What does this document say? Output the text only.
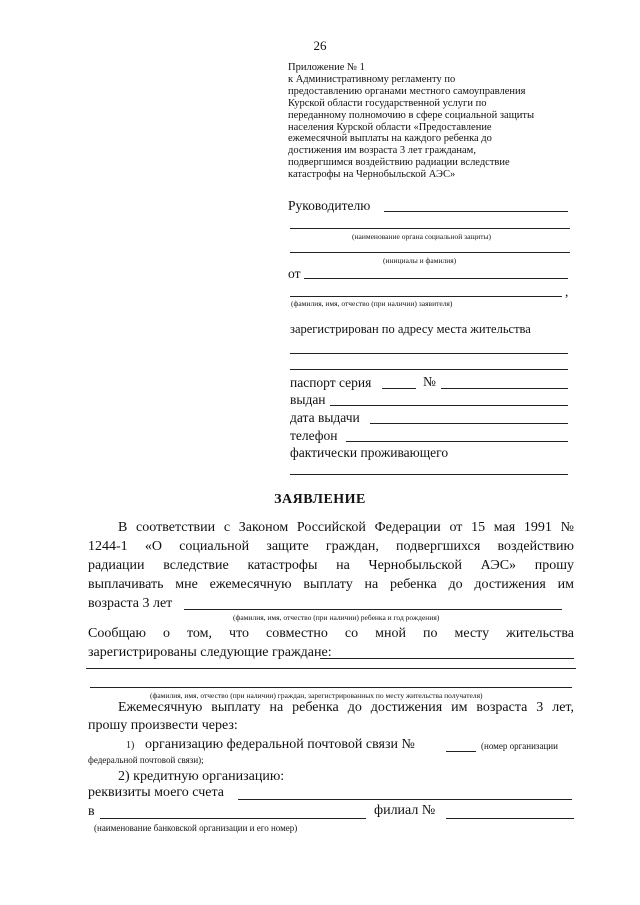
26
Приложение № 1
к Административному регламенту по
предоставлению органами местного самоуправления
Курской области государственной услуги по
переданному полномочию в сфере социальной защиты
населения Курской области «Предоставление
ежемесячной выплаты на каждого ребенка до
достижения им возраста 3 лет гражданам,
подвергшимся воздействию радиации вследствие
катастрофы на Чернобыльской АЭС»
Руководителю
(наименование органа социальной защиты)
(инициалы и фамилия)
от
,
(фамилия, имя, отчество (при наличии) заявителя)
зарегистрирован по адресу места жительства
паспорт серия	№
выдан
дата выдачи
телефон
фактически проживающего
ЗАЯВЛЕНИЕ
В соответствии с Законом Российской Федерации от 15 мая 1991 №
1244-1 «О социальной защите граждан, подвергшихся воздействию
радиации вследствие катастрофы на Чернобыльской АЭС» прошу
выплачивать мне ежемесячную выплату на ребенка до достижения им
возраста 3 лет
(фамилия, имя, отчество (при наличии) ребенка и год рождения)
Сообщаю о том, что совместно со мной по месту жительства
зарегистрированы следующие граждане:
(фамилия, имя, отчество (при наличии) граждан, зарегистрированных по месту жительства получателя)
Ежемесячную выплату на ребенка до достижения им возраста 3 лет,
прошу произвести через:
1) организацию федеральной почтовой связи №	(номер организации
федеральной почтовой связи);
2) кредитную организацию:
реквизиты моего счета
в	филиал №
(наименование банковской организации и его номер)
